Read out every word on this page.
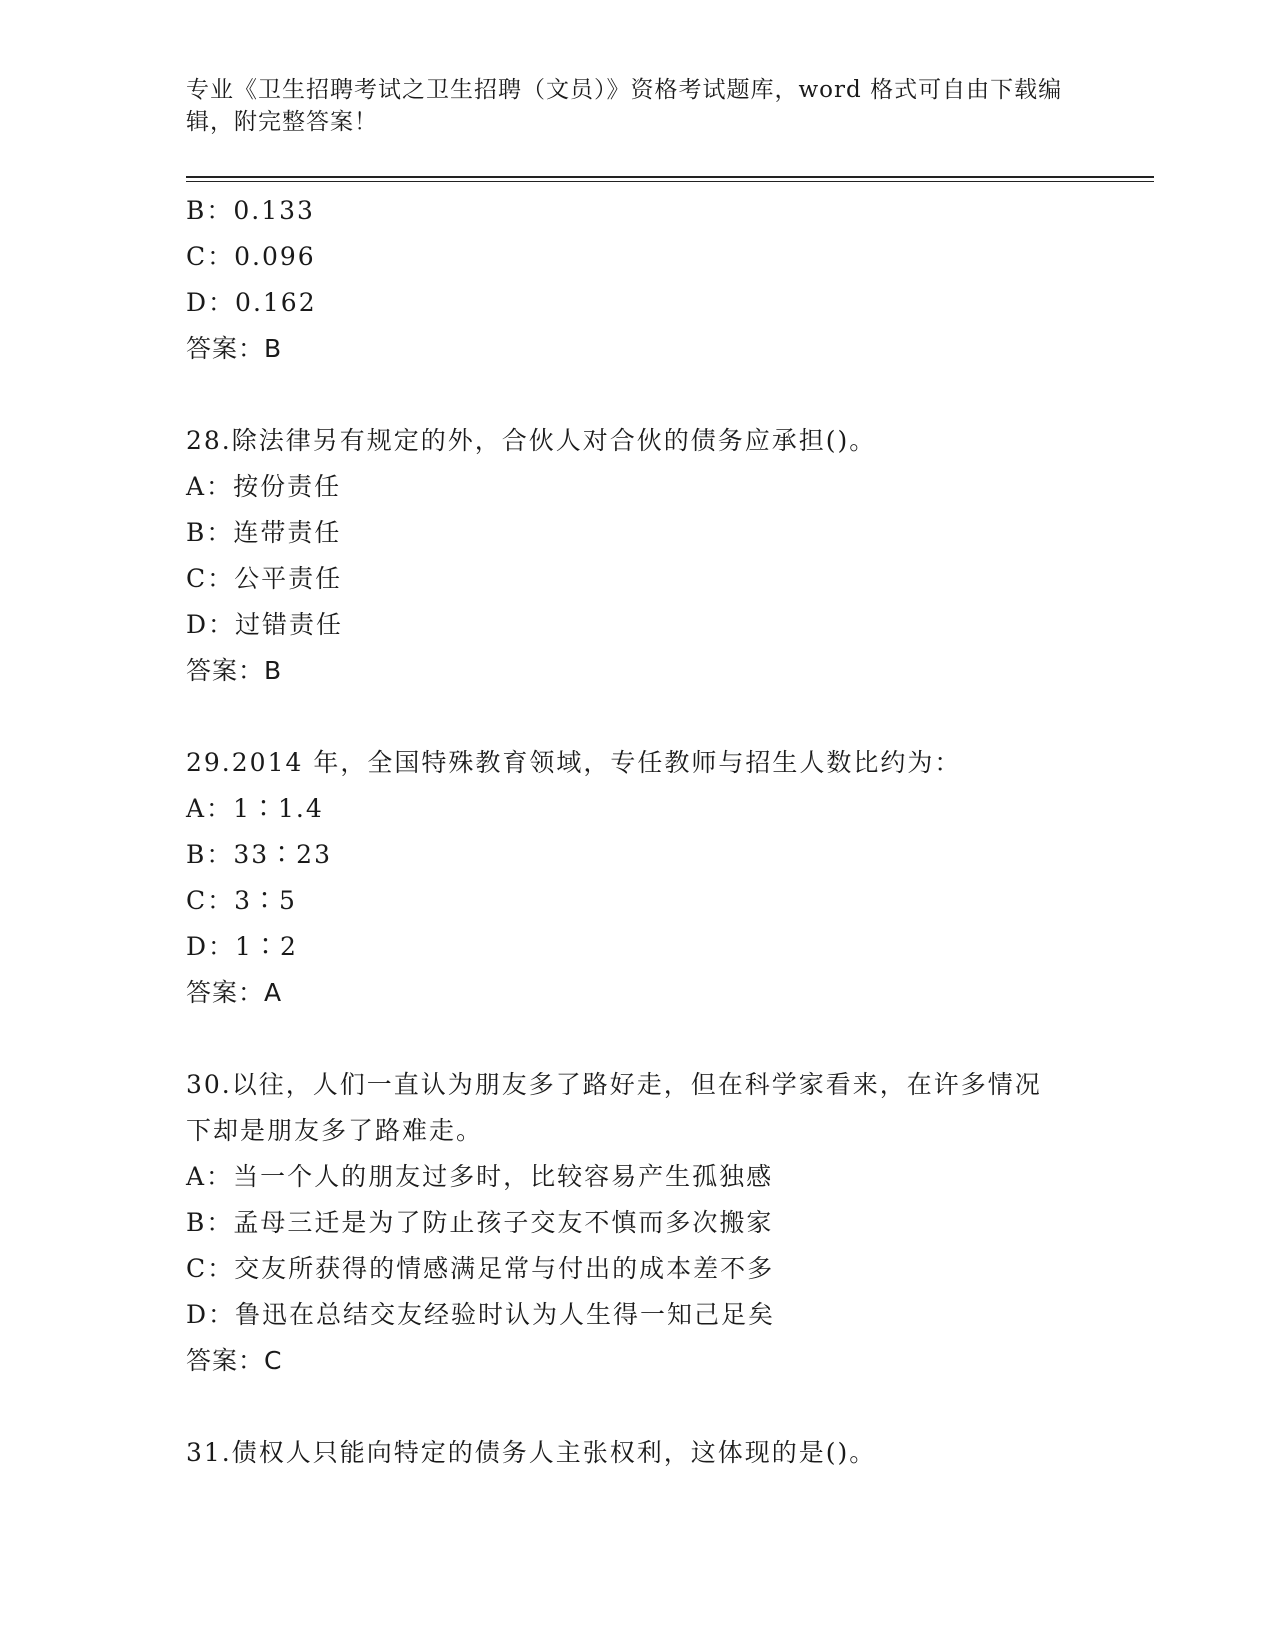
专业《卫生招聘考试之卫生招聘（文员）》资格考试题库，word 格式可自由下载编辑，附完整答案！
B：0.133
C：0.096
D：0.162
答案：B
28.除法律另有规定的外，合伙人对合伙的债务应承担()。
A：按份责任
B：连带责任
C：公平责任
D：过错责任
答案：B
29.2014 年，全国特殊教育领域，专任教师与招生人数比约为：
A：1∶1.4
B：33∶23
C：3∶5
D：1∶2
答案：A
30.以往，人们一直认为朋友多了路好走，但在科学家看来，在许多情况下却是朋友多了路难走。
A：当一个人的朋友过多时，比较容易产生孤独感
B：孟母三迁是为了防止孩子交友不慎而多次搬家
C：交友所获得的情感满足常与付出的成本差不多
D：鲁迅在总结交友经验时认为人生得一知己足矣
答案：C
31.债权人只能向特定的债务人主张权利，这体现的是()。
